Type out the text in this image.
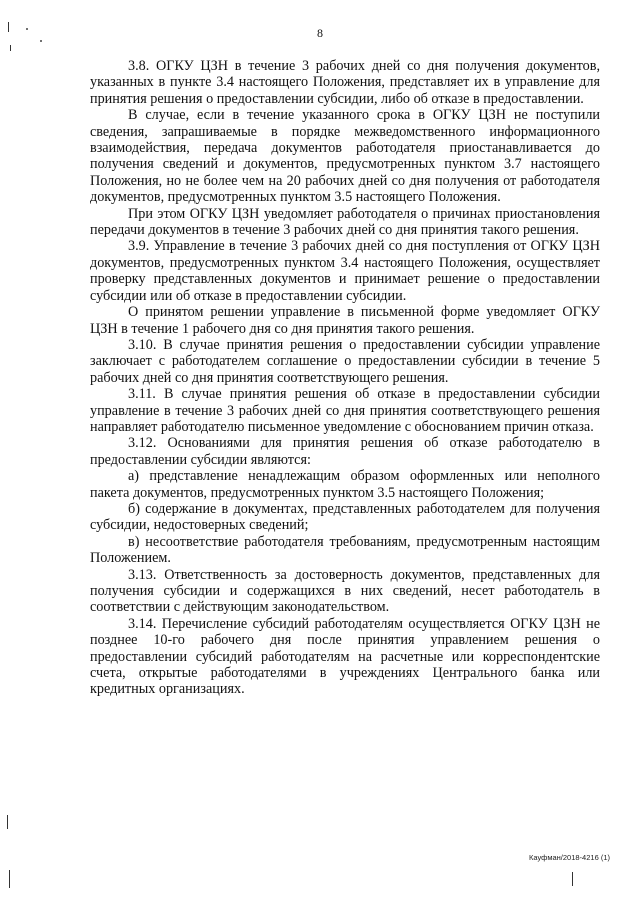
8

3.8. ОГКУ ЦЗН в течение 3 рабочих дней со дня получения документов, указанных в пункте 3.4 настоящего Положения, представляет их в управление для принятия решения о предоставлении субсидии, либо об отказе в предоставлении.

В случае, если в течение указанного срока в ОГКУ ЦЗН не поступили сведения, запрашиваемые в порядке межведомственного информационного взаимодействия, передача документов работодателя приостанавливается до получения сведений и документов, предусмотренных пунктом 3.7 настоящего Положения, но не более чем на 20 рабочих дней со дня получения от работодателя документов, предусмотренных пунктом 3.5 настоящего Положения.

При этом ОГКУ ЦЗН уведомляет работодателя о причинах приостановления передачи документов в течение 3 рабочих дней со дня принятия такого решения.

3.9. Управление в течение 3 рабочих дней со дня поступления от ОГКУ ЦЗН документов, предусмотренных пунктом 3.4 настоящего Положения, осуществляет проверку представленных документов и принимает решение о предоставлении субсидии или об отказе в предоставлении субсидии.

О принятом решении управление в письменной форме уведомляет ОГКУ ЦЗН в течение 1 рабочего дня со дня принятия такого решения.

3.10. В случае принятия решения о предоставлении субсидии управление заключает с работодателем соглашение о предоставлении субсидии в течение 5 рабочих дней со дня принятия соответствующего решения.

3.11. В случае принятия решения об отказе в предоставлении субсидии управление в течение 3 рабочих дней со дня принятия соответствующего решения направляет работодателю письменное уведомление с обоснованием причин отказа.

3.12. Основаниями для принятия решения об отказе работодателю в предоставлении субсидии являются:

а) представление ненадлежащим образом оформленных или неполного пакета документов, предусмотренных пунктом 3.5 настоящего Положения;

б) содержание в документах, представленных работодателем для получения субсидии, недостоверных сведений;

в) несоответствие работодателя требованиям, предусмотренным настоящим Положением.

3.13. Ответственность за достоверность документов, представленных для получения субсидии и содержащихся в них сведений, несет работодатель в соответствии с действующим законодательством.

3.14. Перечисление субсидий работодателям осуществляется ОГКУ ЦЗН не позднее 10-го рабочего дня после принятия управлением решения о предоставлении субсидий работодателям на расчетные или корреспондентские счета, открытые работодателями в учреждениях Центрального банка или кредитных организациях.

Кауфман/2018-4216 (1)
